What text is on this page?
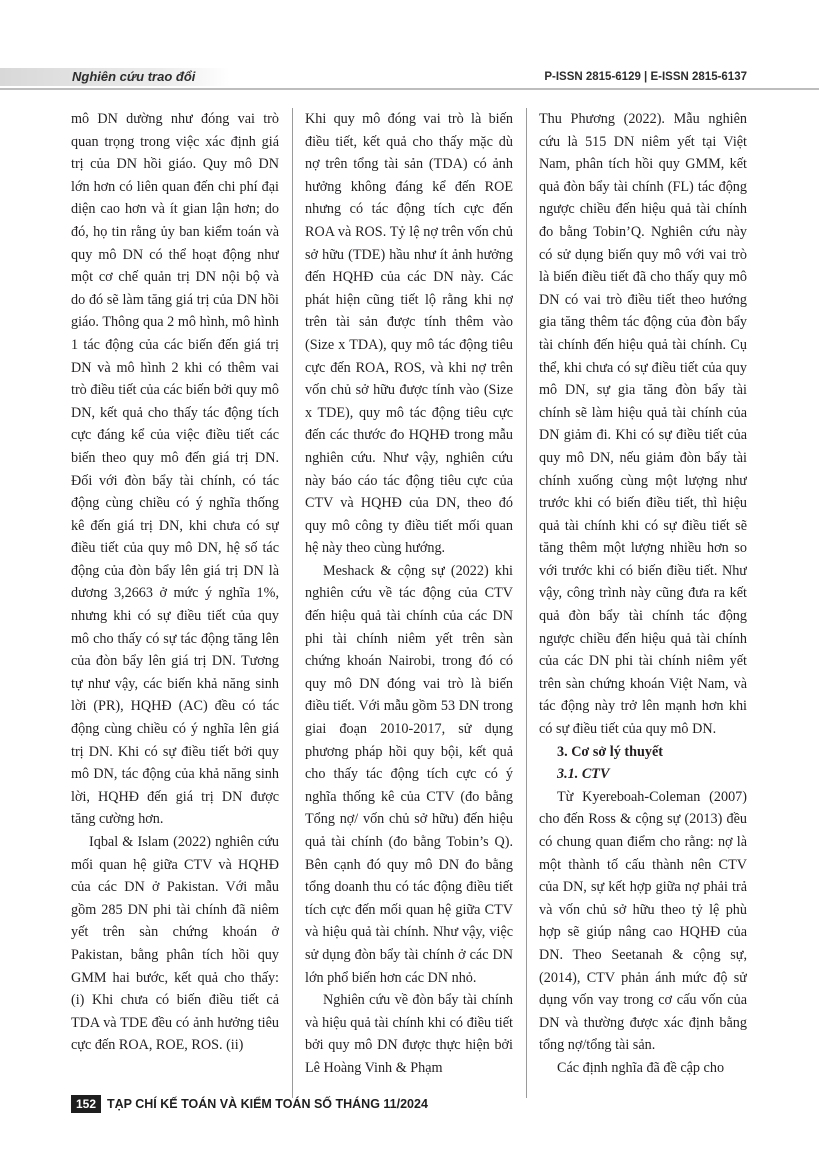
Nghiên cứu trao đổi	P-ISSN 2815-6129 | E-ISSN 2815-6137

mô DN dường như đóng vai trò quan trọng trong việc xác định giá trị của DN hồi giáo. Quy mô DN lớn hơn có liên quan đến chi phí đại diện cao hơn và ít gian lận hơn; do đó, họ tin rằng ủy ban kiểm toán và quy mô DN có thể hoạt động như một cơ chế quản trị DN nội bộ và do đó sẽ làm tăng giá trị của DN hồi giáo. Thông qua 2 mô hình, mô hình 1 tác động của các biến đến giá trị DN và mô hình 2 khi có thêm vai trò điều tiết của các biến bởi quy mô DN, kết quả cho thấy tác động tích cực đáng kể của việc điều tiết các biến theo quy mô đến giá trị DN. Đối với đòn bẩy tài chính, có tác động cùng chiều có ý nghĩa thống kê đến giá trị DN, khi chưa có sự điều tiết của quy mô DN, hệ số tác động của đòn bẩy lên giá trị DN là dương 3,2663 ở mức ý nghĩa 1%, nhưng khi có sự điều tiết của quy mô cho thấy có sự tác động tăng lên của đòn bẩy lên giá trị DN. Tương tự như vậy, các biến khả năng sinh lời (PR), HQHĐ (AC) đều có tác động cùng chiều có ý nghĩa lên giá trị DN. Khi có sự điều tiết bởi quy mô DN, tác động của khả năng sinh lời, HQHĐ đến giá trị DN được tăng cường hơn.

Iqbal & Islam (2022) nghiên cứu mối quan hệ giữa CTV và HQHĐ của các DN ở Pakistan. Với mẫu gồm 285 DN phi tài chính đã niêm yết trên sàn chứng khoán ở Pakistan, bằng phân tích hồi quy GMM hai bước, kết quả cho thấy: (i) Khi chưa có biến điều tiết cả TDA và TDE đều có ảnh hưởng tiêu cực đến ROA, ROE, ROS. (ii)

Khi quy mô đóng vai trò là biến điều tiết, kết quả cho thấy mặc dù nợ trên tổng tài sản (TDA) có ảnh hưởng không đáng kể đến ROE nhưng có tác động tích cực đến ROA và ROS. Tỷ lệ nợ trên vốn chủ sở hữu (TDE) hầu như ít ảnh hưởng đến HQHĐ của các DN này. Các phát hiện cũng tiết lộ rằng khi nợ trên tài sản được tính thêm vào (Size x TDA), quy mô tác động tiêu cực đến ROA, ROS, và khi nợ trên vốn chủ sở hữu được tính vào (Size x TDE), quy mô tác động tiêu cực đến các thước đo HQHĐ trong mẫu nghiên cứu. Như vậy, nghiên cứu này báo cáo tác động tiêu cực của CTV và HQHĐ của DN, theo đó quy mô công ty điều tiết mối quan hệ này theo cùng hướng.

Meshack & cộng sự (2022) khi nghiên cứu về tác động của CTV đến hiệu quả tài chính của các DN phi tài chính niêm yết trên sàn chứng khoán Nairobi, trong đó có quy mô DN đóng vai trò là biến điều tiết. Với mẫu gồm 53 DN trong giai đoạn 2010-2017, sử dụng phương pháp hồi quy bội, kết quả cho thấy tác động tích cực có ý nghĩa thống kê của CTV (đo bằng Tổng nợ/ vốn chủ sở hữu) đến hiệu quả tài chính (đo bằng Tobin’s Q). Bên cạnh đó quy mô DN đo bằng tổng doanh thu có tác động điều tiết tích cực đến mối quan hệ giữa CTV và hiệu quả tài chính. Như vậy, việc sử dụng đòn bẩy tài chính ở các DN lớn phổ biến hơn các DN nhỏ.

Nghiên cứu về đòn bẩy tài chính và hiệu quả tài chính khi có điều tiết bởi quy mô DN được thực hiện bởi Lê Hoàng Vinh & Phạm

Thu Phương (2022). Mẫu nghiên cứu là 515 DN niêm yết tại Việt Nam, phân tích hồi quy GMM, kết quả đòn bẩy tài chính (FL) tác động ngược chiều đến hiệu quả tài chính đo bằng Tobin’Q. Nghiên cứu này có sử dụng biến quy mô với vai trò là biến điều tiết đã cho thấy quy mô DN có vai trò điều tiết theo hướng gia tăng thêm tác động của đòn bẩy tài chính đến hiệu quả tài chính. Cụ thể, khi chưa có sự điều tiết của quy mô DN, sự gia tăng đòn bẩy tài chính sẽ làm hiệu quả tài chính của DN giảm đi. Khi có sự điều tiết của quy mô DN, nếu giảm đòn bẩy tài chính xuống cùng một lượng như trước khi có biến điều tiết, thì hiệu quả tài chính khi có sự điều tiết sẽ tăng thêm một lượng nhiều hơn so với trước khi có biến điều tiết. Như vậy, công trình này cũng đưa ra kết quả đòn bẩy tài chính tác động ngược chiều đến hiệu quả tài chính của các DN phi tài chính niêm yết trên sàn chứng khoán Việt Nam, và tác động này trở lên mạnh hơn khi có sự điều tiết của quy mô DN.

3. Cơ sở lý thuyết

3.1. CTV

Từ Kyereboah-Coleman (2007) cho đến Ross & cộng sự (2013) đều có chung quan điểm cho rằng: nợ là một thành tố cấu thành nên CTV của DN, sự kết hợp giữa nợ phải trả và vốn chủ sở hữu theo tỷ lệ phù hợp sẽ giúp nâng cao HQHĐ của DN. Theo Seetanah & cộng sự, (2014), CTV phản ánh mức độ sử dụng vốn vay trong cơ cấu vốn của DN và thường được xác định bằng tổng nợ/tổng tài sản.

Các định nghĩa đã đề cập cho

152 TẠP CHÍ KẾ TOÁN VÀ KIỂM TOÁN SỐ THÁNG 11/2024
